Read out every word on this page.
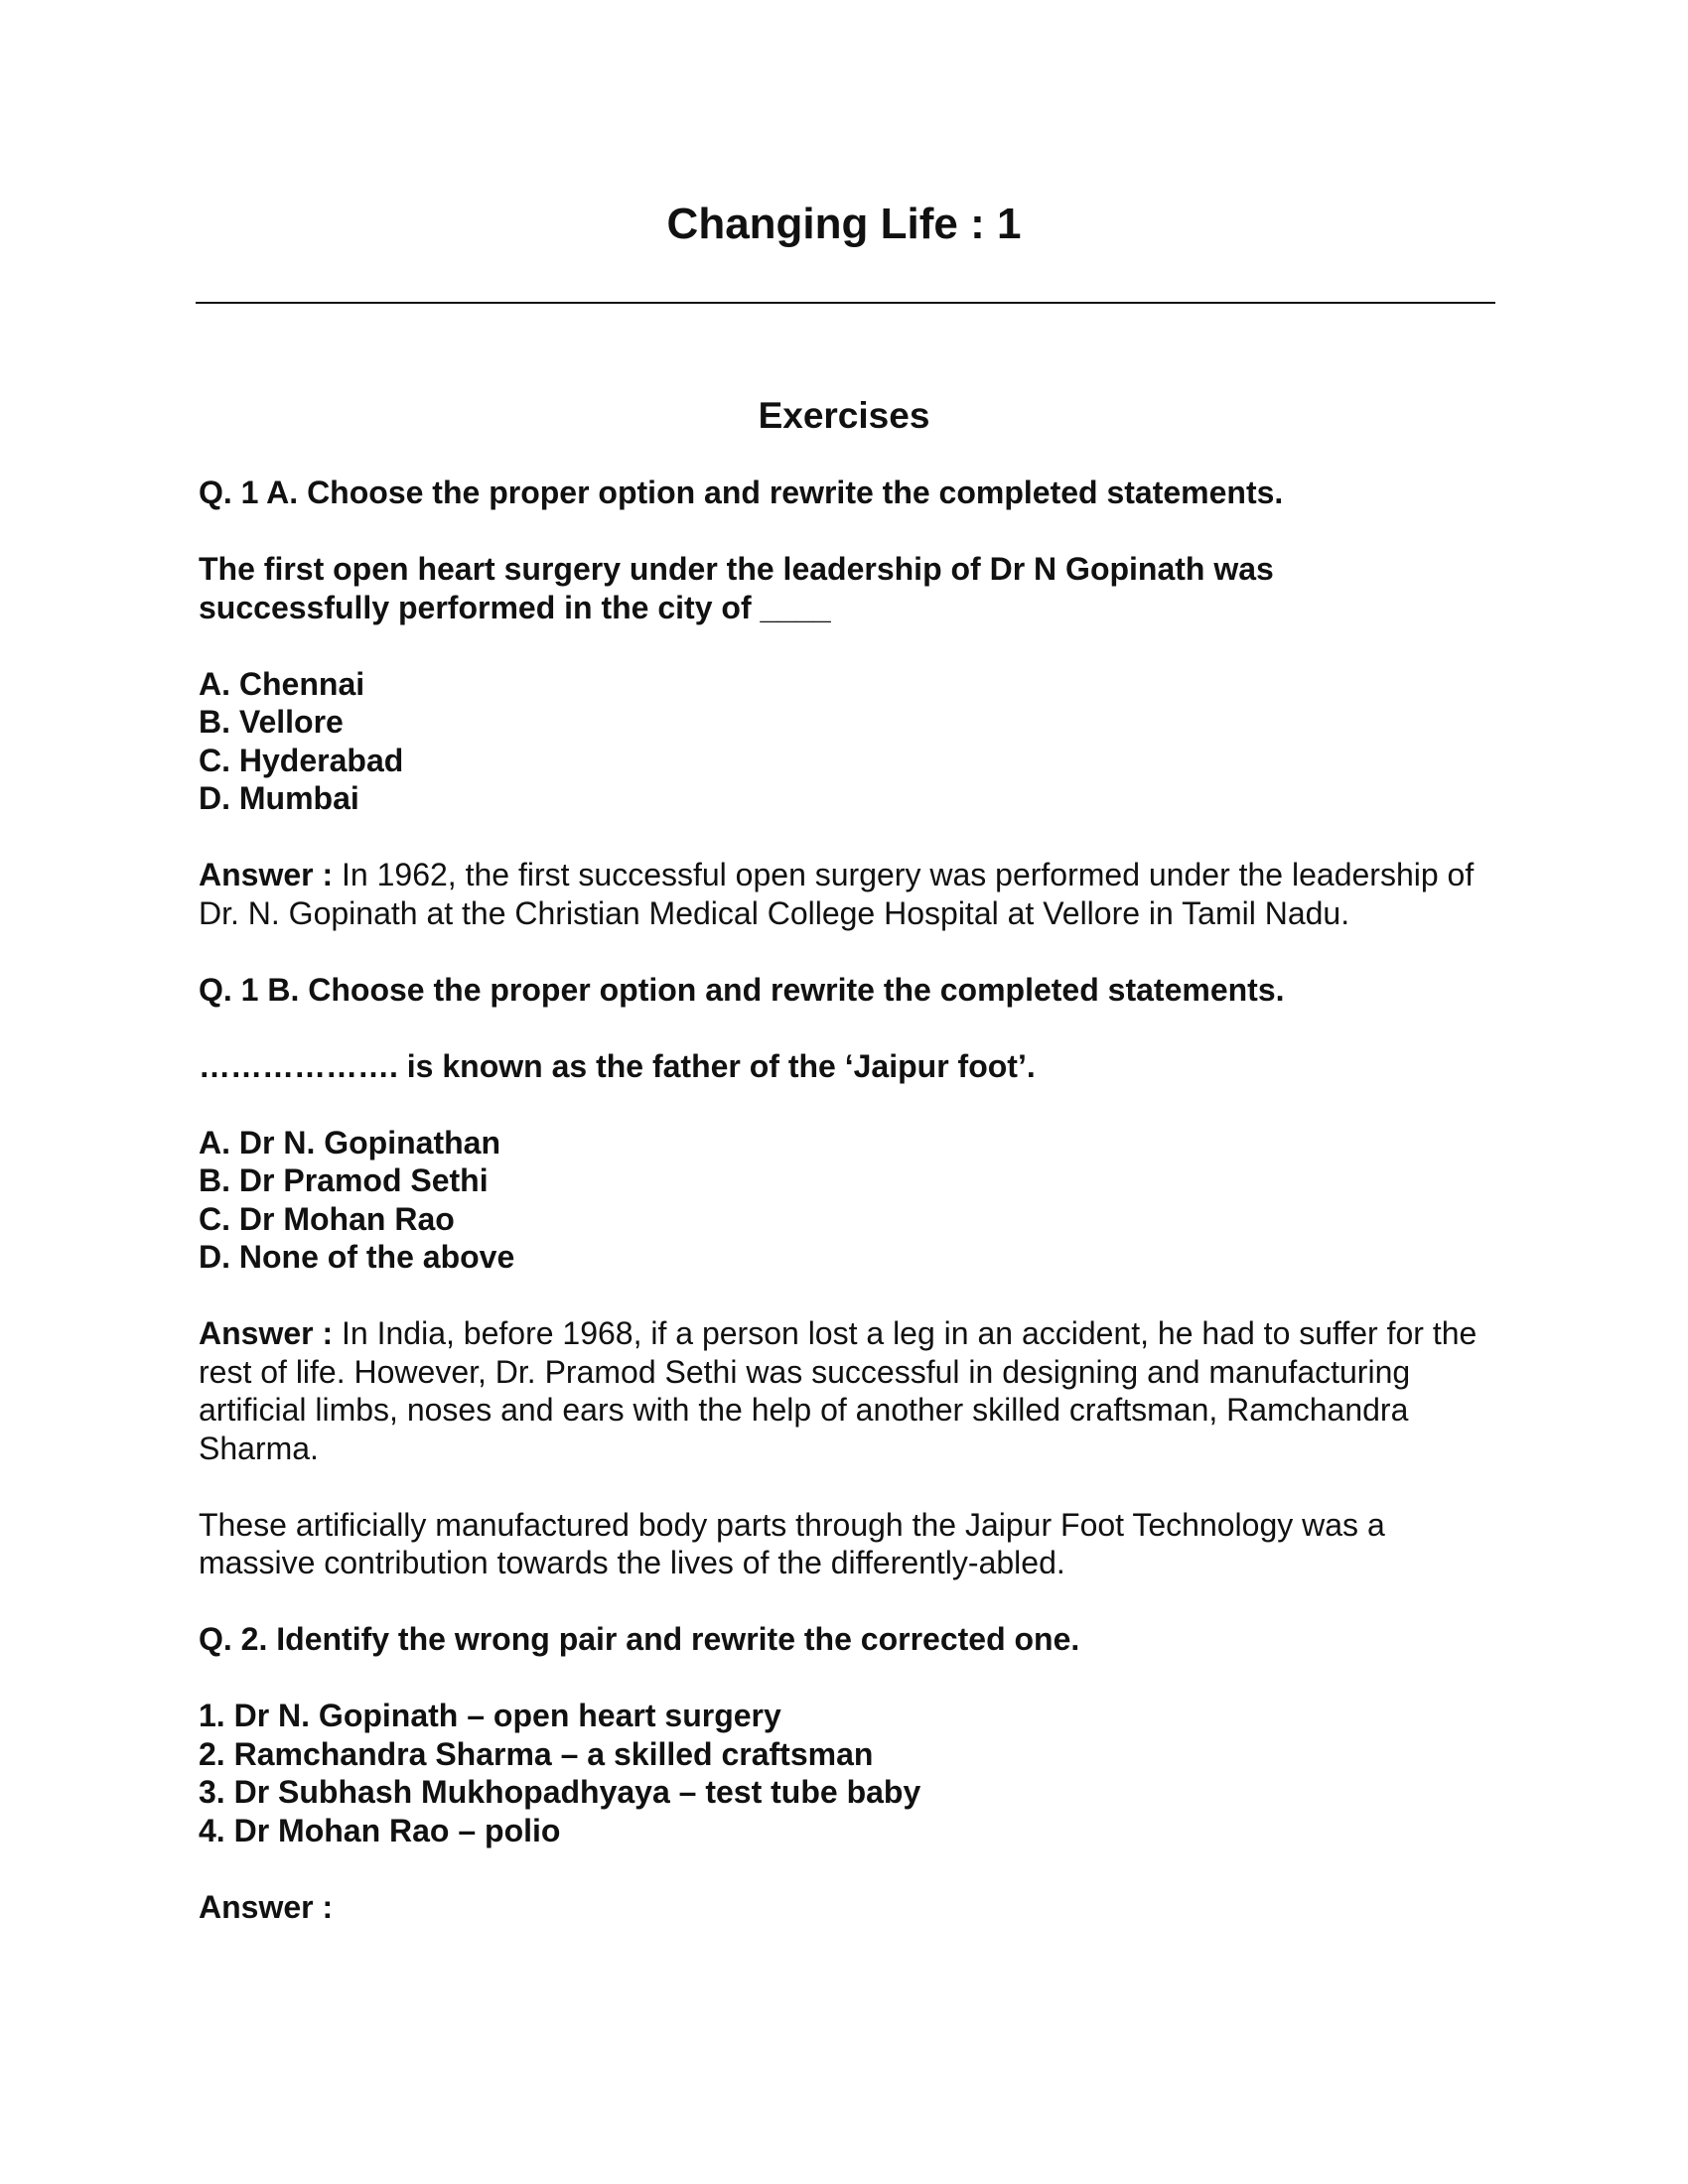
Changing Life : 1
Exercises

Q. 1 A. Choose the proper option and rewrite the completed statements.

The first open heart surgery under the leadership of Dr N Gopinath was
successfully performed in the city of ____

A. Chennai
B. Vellore
C. Hyderabad
D. Mumbai

Answer : In 1962, the first successful open surgery was performed under the leadership of Dr. N. Gopinath at the Christian Medical College Hospital at Vellore in Tamil Nadu.

Q. 1 B. Choose the proper option and rewrite the completed statements.

………………. is known as the father of the ‘Jaipur foot’.

A. Dr N. Gopinathan
B. Dr Pramod Sethi
C. Dr Mohan Rao
D. None of the above

Answer : In India, before 1968, if a person lost a leg in an accident, he had to suffer for the rest of life. However, Dr. Pramod Sethi was successful in designing and manufacturing artificial limbs, noses and ears with the help of another skilled craftsman, Ramchandra Sharma.

These artificially manufactured body parts through the Jaipur Foot Technology was a massive contribution towards the lives of the differently-abled.

Q. 2. Identify the wrong pair and rewrite the corrected one.

1. Dr N. Gopinath – open heart surgery
2. Ramchandra Sharma – a skilled craftsman
3. Dr Subhash Mukhopadhyaya – test tube baby
4. Dr Mohan Rao – polio

Answer :
